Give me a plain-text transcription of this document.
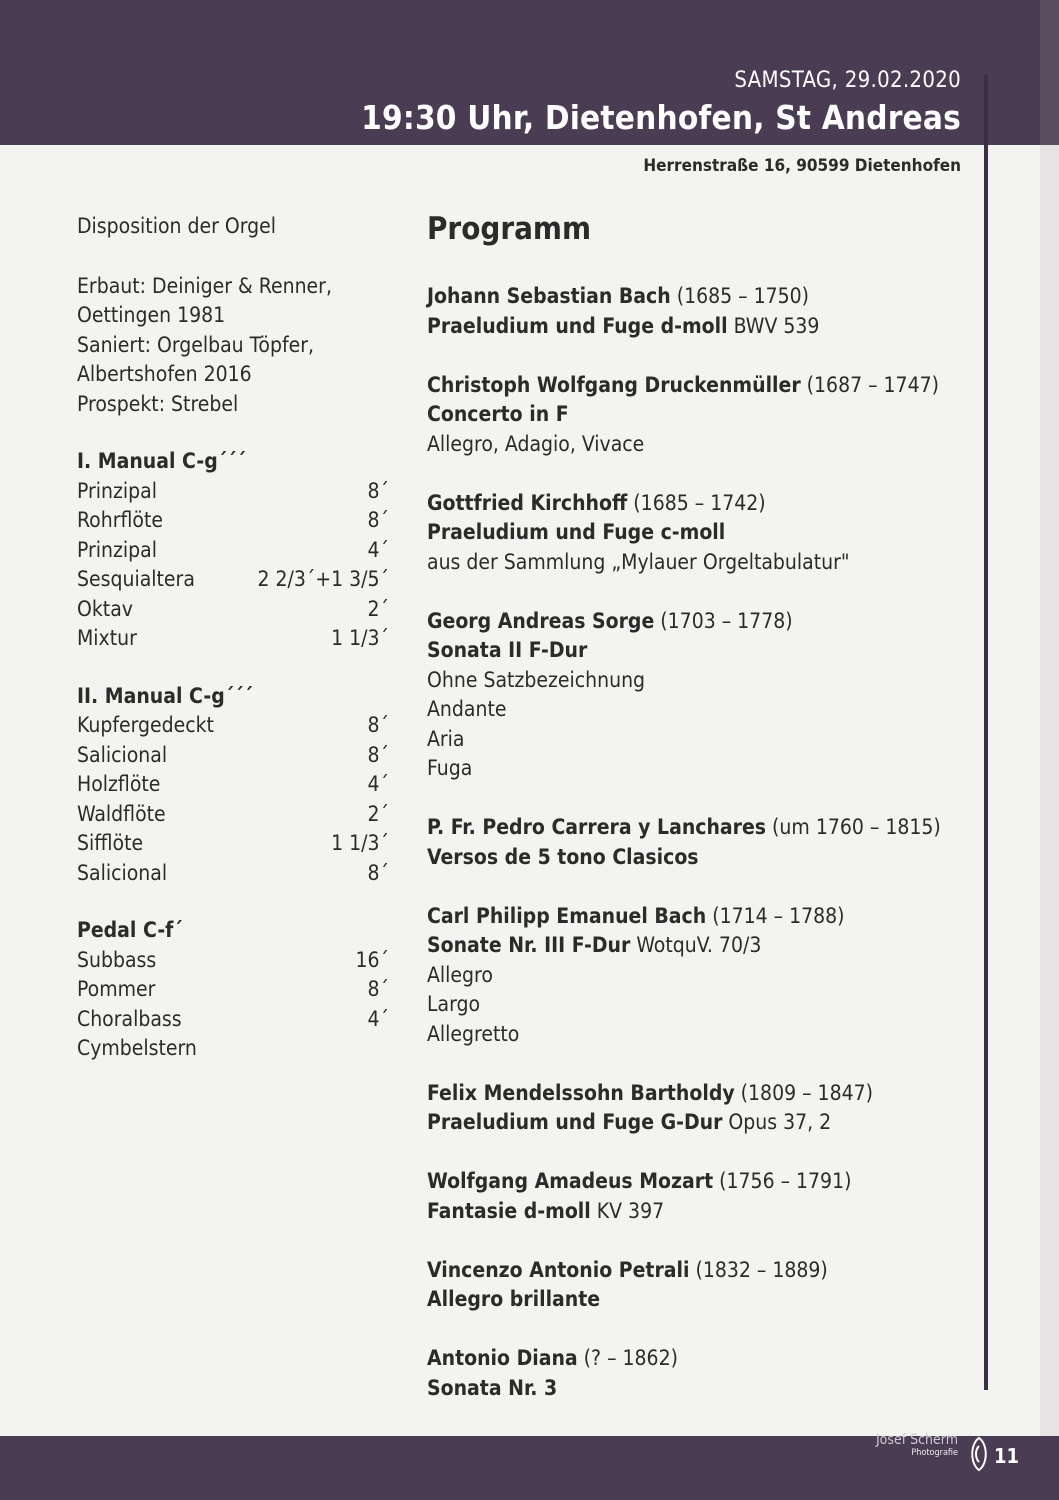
SAMSTAG, 29.02.2020
19:30 Uhr, Dietenhofen, St Andreas
Herrenstraße 16, 90599 Dietenhofen
Disposition der Orgel
Erbaut: Deiniger & Renner,
Oettingen 1981
Saniert: Orgelbau Töpfer,
Albertshofen 2016
Prospekt: Strebel
I. Manual C-g´´´
Prinzipal	8´
Rohrflöte	8´
Prinzipal	4´
Sesquialtera	2 2/3´+1 3/5´
Oktav	2´
Mixtur	1 1/3´
II. Manual C-g´´´
Kupfergedeckt	8´
Salicional	8´
Holzflöte	4´
Waldflöte	2´
Sifflöte	1 1/3´
Salicional	8´
Pedal C-f´
Subbass	16´
Pommer	8´
Choralbass	4´
Cymbelstern
Programm
Johann Sebastian Bach (1685 – 1750)
Praeludium und Fuge d-moll BWV 539
Christoph Wolfgang Druckenmüller (1687 – 1747)
Concerto in F
Allegro, Adagio, Vivace
Gottfried Kirchhoff (1685 – 1742)
Praeludium und Fuge c-moll
aus der Sammlung „Mylauer Orgeltabulatur"
Georg Andreas Sorge (1703 – 1778)
Sonata II F-Dur
Ohne Satzbezeichnung
Andante
Aria
Fuga
P. Fr. Pedro Carrera y Lanchares (um 1760 – 1815)
Versos de 5 tono Clasicos
Carl Philipp Emanuel Bach (1714 – 1788)
Sonate Nr. III F-Dur WotquV. 70/3
Allegro
Largo
Allegretto
Felix Mendelssohn Bartholdy (1809 – 1847)
Praeludium und Fuge G-Dur Opus 37, 2
Wolfgang Amadeus Mozart (1756 – 1791)
Fantasie d-moll KV 397
Vincenzo Antonio Petrali (1832 – 1889)
Allegro brillante
Antonio Diana (? – 1862)
Sonata Nr. 3
Josef Scherm
Photografie 11
